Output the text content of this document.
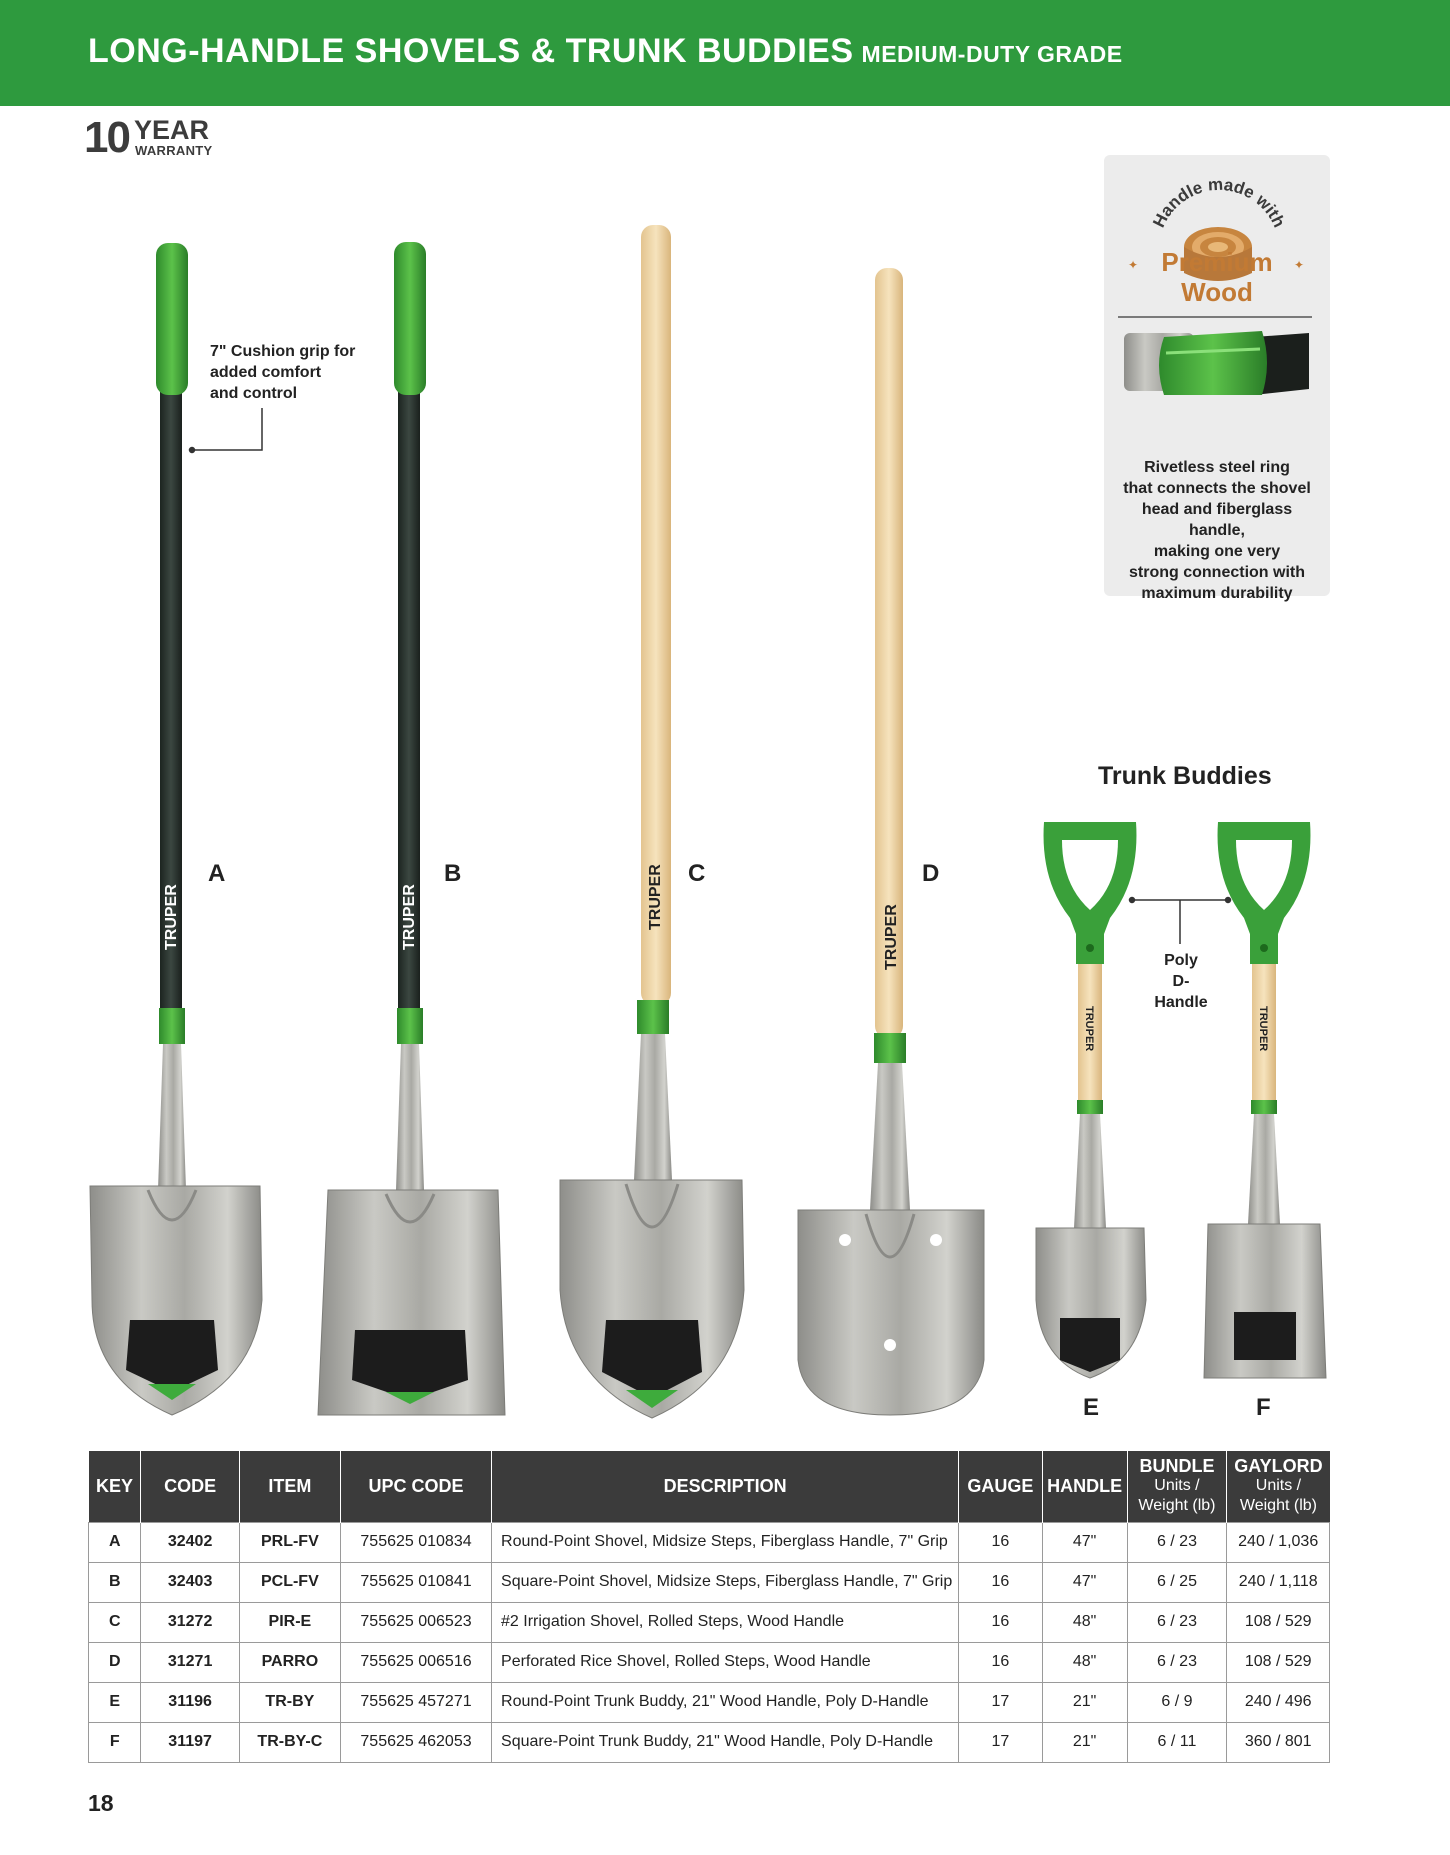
LONG-HANDLE SHOVELS & TRUNK BUDDIES MEDIUM-DUTY GRADE
10 YEAR
WARRANTY
Handle made with
Premium
✦	✦
Wood
Rivetless steel ring
that connects the shovel
head and fiberglass handle,
making one very
strong connection with
maximum durability
TRUPER	TRUPER	TRUPER
TRUPER
TRUPER	TRUPER
7" Cushion grip for
added comfort
and control
Poly
D-Handle
Trunk Buddies
A	B	C	D
E	F
KEY	CODE	ITEM	UPC CODE	DESCRIPTION	GAUGE	HANDLE	BUNDLE
Units /
Weight (lb)	GAYLORD
Units /
Weight (lb)

A	32402	PRL-FV	755625 010834	Round-Point Shovel, Midsize Steps, Fiberglass Handle, 7" Grip	16	47"	6 / 23	240 / 1,036
B	32403	PCL-FV	755625 010841	Square-Point Shovel, Midsize Steps, Fiberglass Handle, 7" Grip	16	47"	6 / 25	240 / 1,118
C	31272	PIR-E	755625 006523	#2 Irrigation Shovel, Rolled Steps, Wood Handle	16	48"	6 / 23	108 / 529
D	31271	PARRO	755625 006516	Perforated Rice Shovel, Rolled Steps, Wood Handle	16	48"	6 / 23	108 / 529
E	31196	TR-BY	755625 457271	Round-Point Trunk Buddy, 21" Wood Handle, Poly D-Handle	17	21"	6 / 9	240 / 496
F	31197	TR-BY-C	755625 462053	Square-Point Trunk Buddy, 21" Wood Handle, Poly D-Handle	17	21"	6 / 11	360 / 801
18
